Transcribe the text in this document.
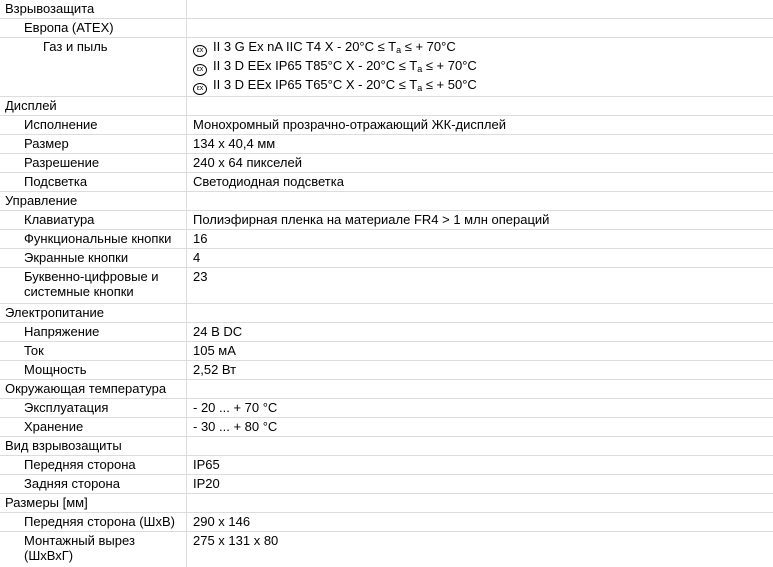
Взрывозащита	
Европа (ATEX)	
Газ и пыль	εx II 3 G Ex nA IIC T4 $X - 20^\circ C \le T_a$ ≤ + 70°C
εx II 3 D EEx IP65 T85°C $X - 20^\circ C \le T_a$ ≤ + 70°C
εx II 3 D EEx IP65 T65°C $X - 20^\circ C \le T_a$ ≤ + 50°C

Дисплей	
Исполнение	Монохромный прозрачно-отражающий ЖК-дисплей
Размер	134 x 40,4 мм
Разрешение	240 x 64 пикселей
Подсветка	Светодиодная подсветка
Управление	
Клавиатура	Полиэфирная пленка на материале FR4 > 1 млн операций
Функциональные кнопки	16
Экранные кнопки	4
Буквенно-цифровые и системные кнопки	23
Электропитание	
Напряжение	24 В DC
Ток	105 мА
Мощность	2,52 Вт
Окружающая температура	
Эксплуатация	- 20 ... + 70 °C
Хранение	- 30 ... + 80 °C
Вид взрывозащиты	
Передняя сторона	IP65
Задняя сторона	IP20
Размеры [мм]	
Передняя сторона (ШхВ)	290 x 146
Монтажный вырез (ШхВхГ)	275 x 131 x 80
